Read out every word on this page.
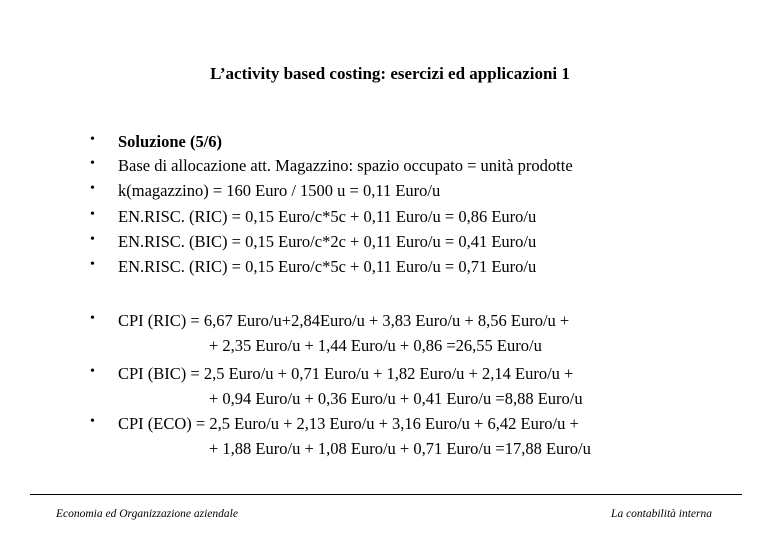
L’activity based costing: esercizi ed applicazioni 1
• Soluzione (5/6)
• Base di allocazione att. Magazzino: spazio occupato = unità prodotte
• k(magazzino) = 160 Euro / 1500 u = 0,11 Euro/u
• EN.RISC. (RIC) = 0,15 Euro/c*5c + 0,11 Euro/u = 0,86 Euro/u
• EN.RISC. (BIC) = 0,15 Euro/c*2c + 0,11 Euro/u = 0,41 Euro/u
• EN.RISC. (RIC) = 0,15 Euro/c*5c + 0,11 Euro/u = 0,71 Euro/u
• CPI (RIC) = 6,67 Euro/u+2,84Euro/u + 3,83 Euro/u + 8,56 Euro/u +
+ 2,35 Euro/u + 1,44 Euro/u + 0,86 =26,55 Euro/u
• CPI (BIC) = 2,5 Euro/u + 0,71 Euro/u + 1,82 Euro/u + 2,14 Euro/u +
+ 0,94 Euro/u + 0,36 Euro/u + 0,41 Euro/u =8,88 Euro/u
• CPI (ECO) = 2,5 Euro/u + 2,13 Euro/u + 3,16 Euro/u + 6,42 Euro/u +
+ 1,88 Euro/u + 1,08 Euro/u + 0,71 Euro/u =17,88 Euro/u
Economia ed Organizzazione aziendale	La contabilità interna
